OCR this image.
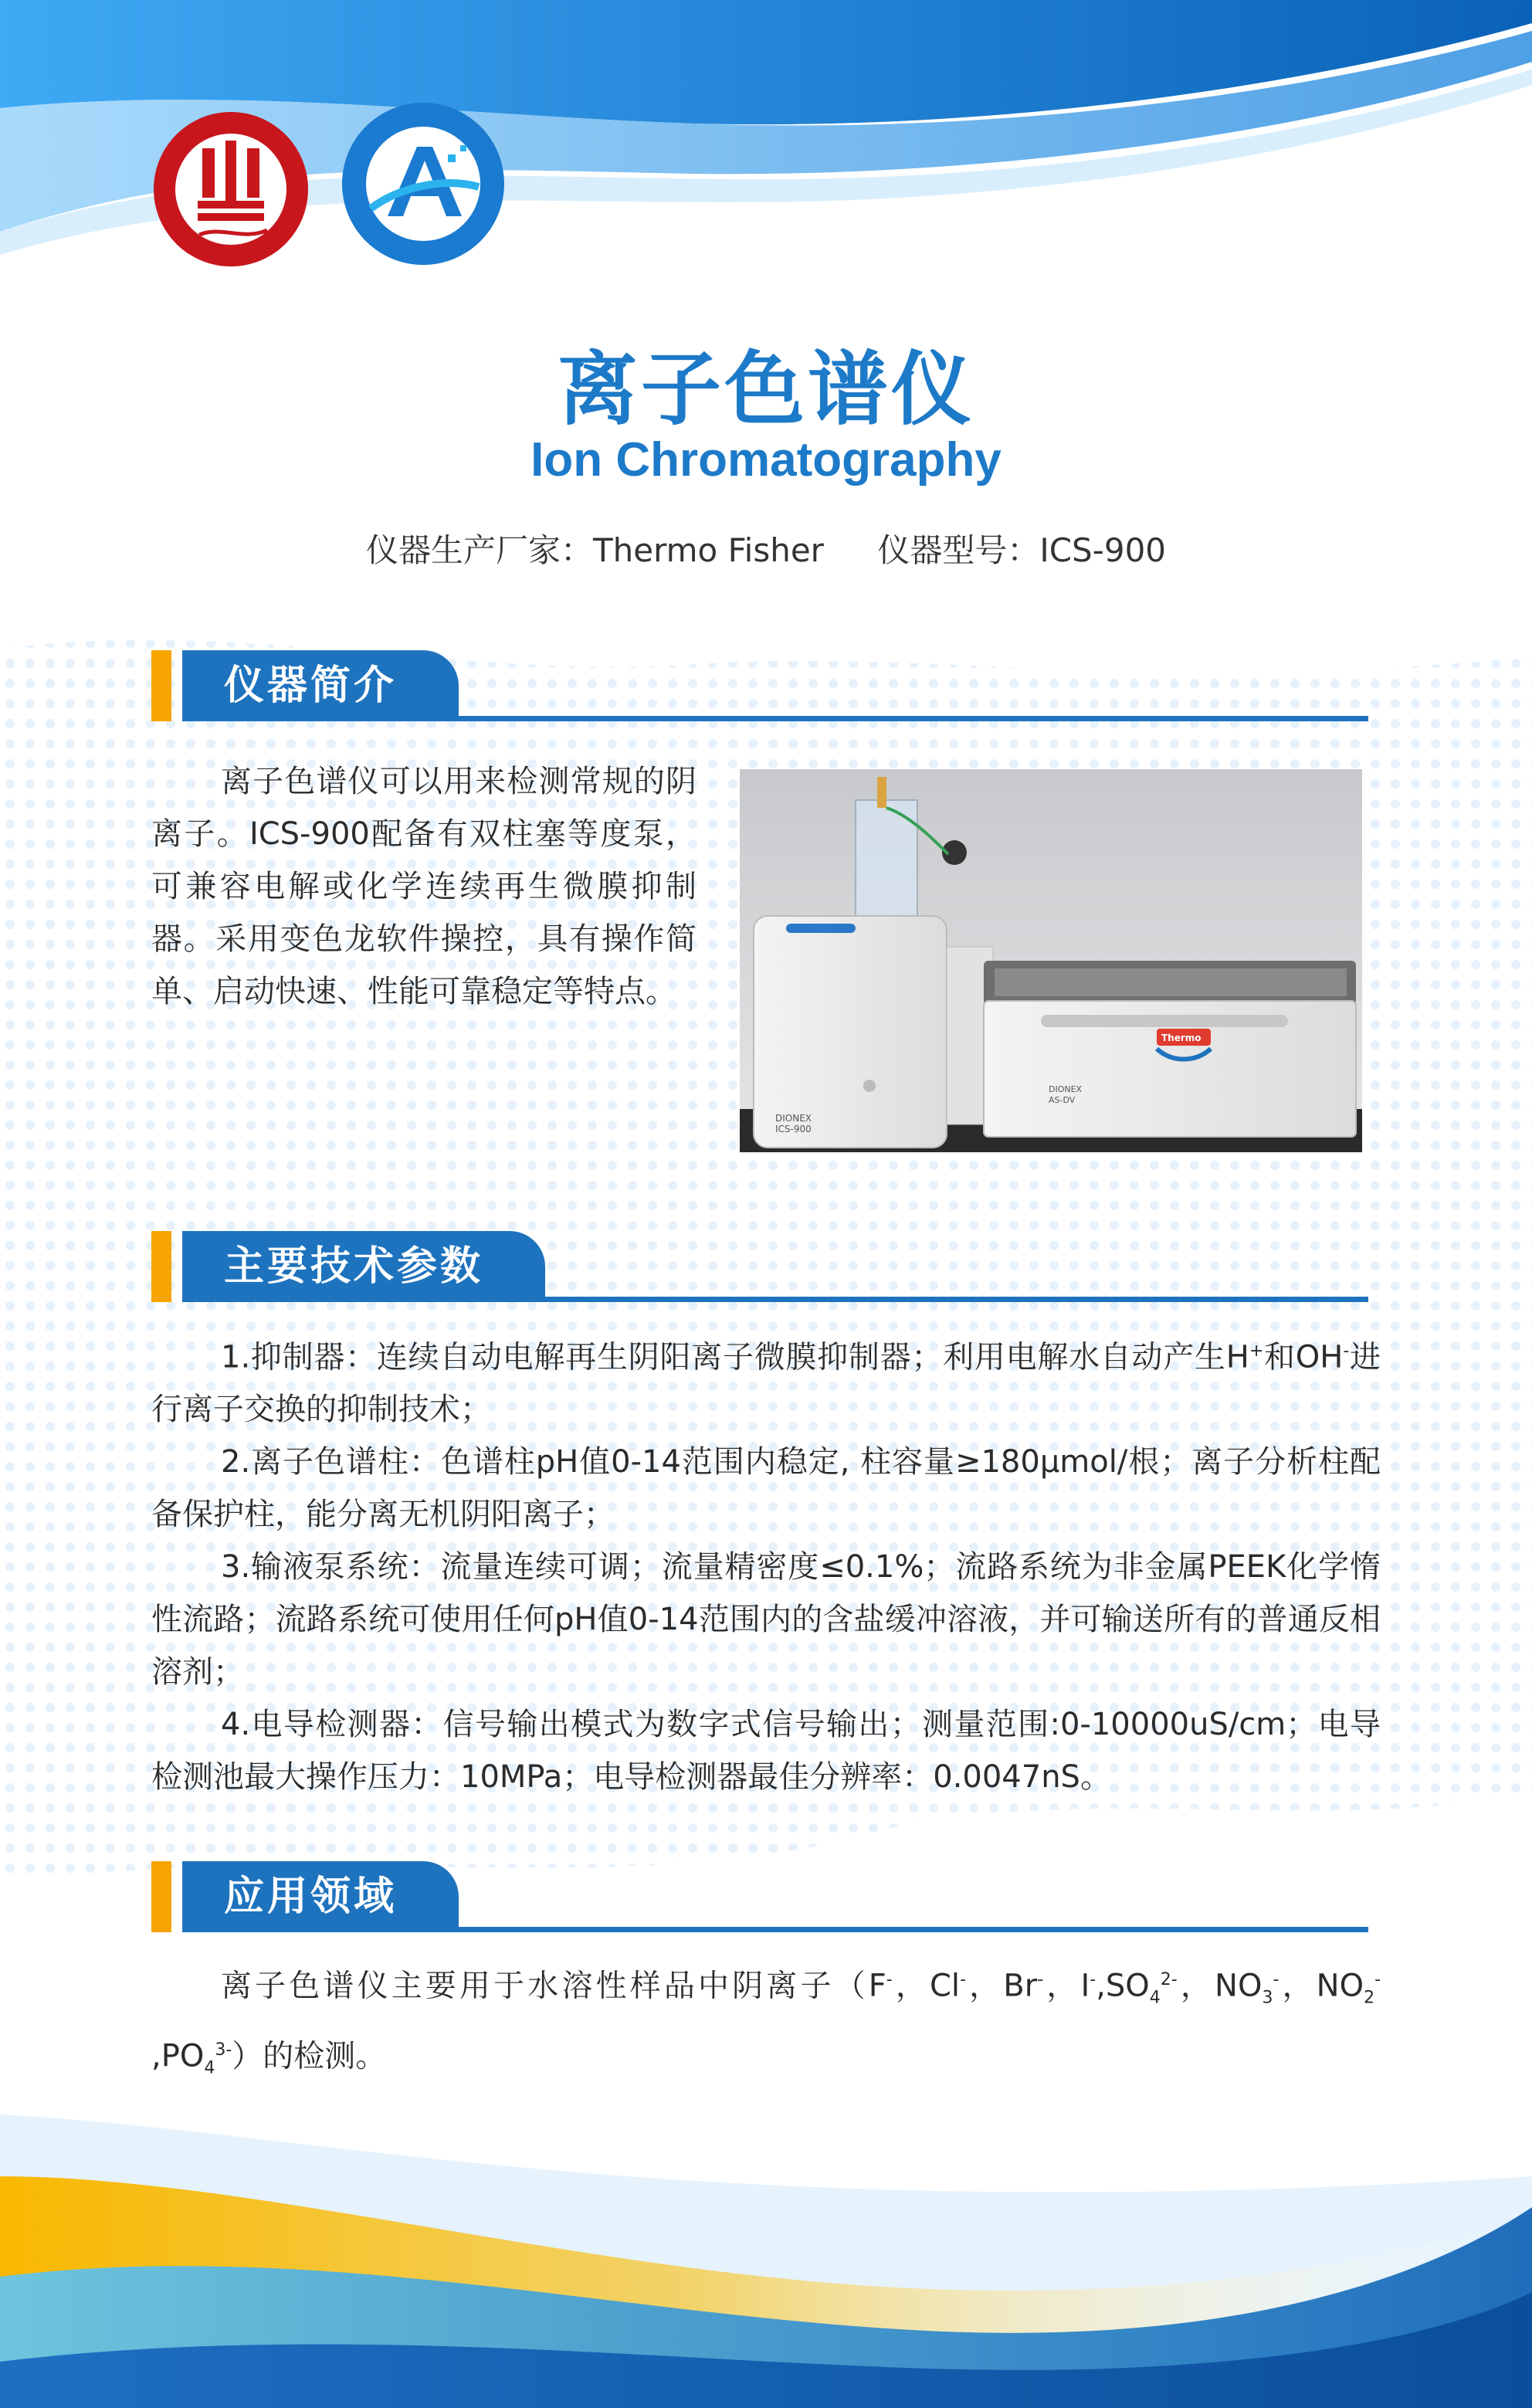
离子色谱仪
Ion Chromatography
仪器生产厂家：Thermo Fisher 仪器型号：ICS-900
仪器简介
离子色谱仪可以用来检测常规的阴离子。ICS-900配备有双柱塞等度泵，可兼容电解或化学连续再生微膜抑制器。采用变色龙软件操控，具有操作简单、启动快速、性能可靠稳定等特点。
DIONEX
ICS-900
Thermo
DIONEX
AS-DV
主要技术参数
1.抑制器：连续自动电解再生阴阳离子微膜抑制器；利用电解水自动产生H+和OH-进行离子交换的抑制技术；
2.离子色谱柱：色谱柱pH值0-14范围内稳定, 柱容量≥180μmol/根；离子分析柱配备保护柱，能分离无机阴阳离子；
3.输液泵系统：流量连续可调；流量精密度≤0.1%；流路系统为非金属PEEK化学惰性流路；流路系统可使用任何pH值0-14范围内的含盐缓冲溶液，并可输送所有的普通反相溶剂；
4.电导检测器：信号输出模式为数字式信号输出；测量范围:0-10000uS/cm；电导检测池最大操作压力：10MPa；电导检测器最佳分辨率：0.0047nS。
应用领域
离子色谱仪主要用于水溶性样品中阴离子（F-，Cl-，Br-，$I^-,SO_4^{2-}$，$NO_3^-$，$NO_2^-$ $,PO_4^{3-}$）的检测。
